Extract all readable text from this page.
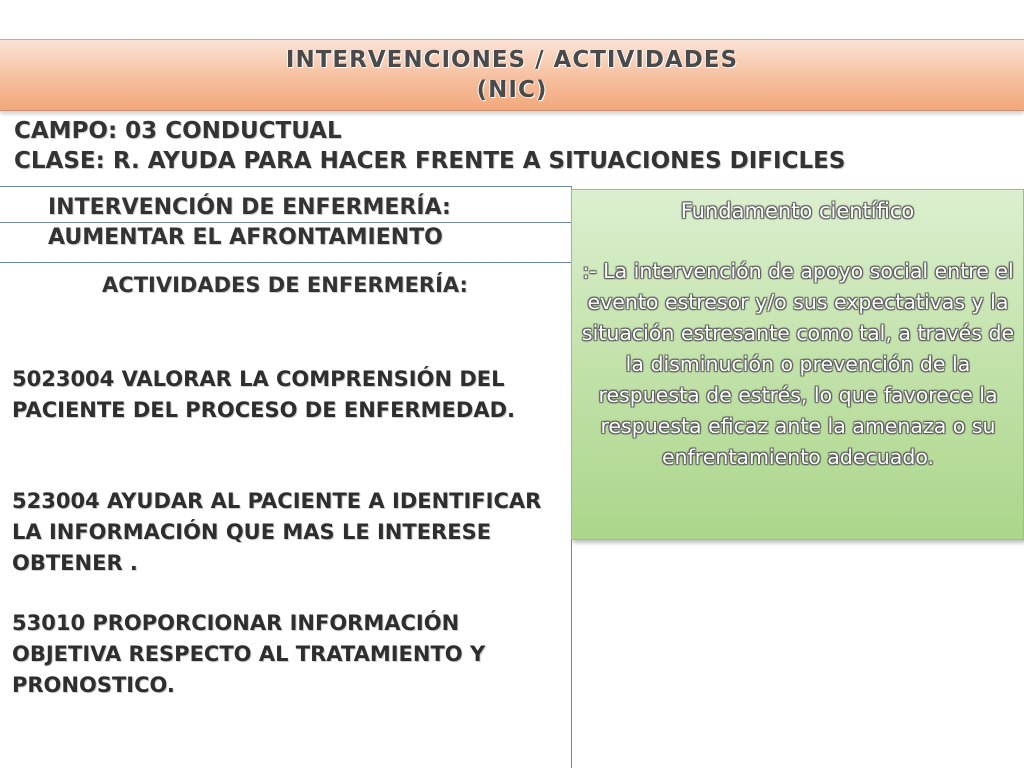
INTERVENCIONES / ACTIVIDADES
(NIC)
CAMPO: 03 CONDUCTUAL
CLASE: R. AYUDA PARA HACER FRENTE A SITUACIONES DIFICLES
INTERVENCIÓN DE ENFERMERÍA:
AUMENTAR EL AFRONTAMIENTO
ACTIVIDADES DE ENFERMERÍA:
5023004 VALORAR LA COMPRENSIÓN DEL PACIENTE DEL PROCESO DE ENFERMEDAD.
523004 AYUDAR AL PACIENTE A IDENTIFICAR LA INFORMACIÓN QUE MAS LE INTERESE OBTENER .
53010 PROPORCIONAR INFORMACIÓN OBJETIVA RESPECTO AL TRATAMIENTO Y PRONOSTICO.
Fundamento científico
:- La intervención de apoyo social entre el evento estresor y/o sus expectativas y la situación estresante como tal, a través de la disminución o prevención de la respuesta de estrés, lo que favorece la respuesta eficaz ante la amenaza o su enfrentamiento adecuado.
